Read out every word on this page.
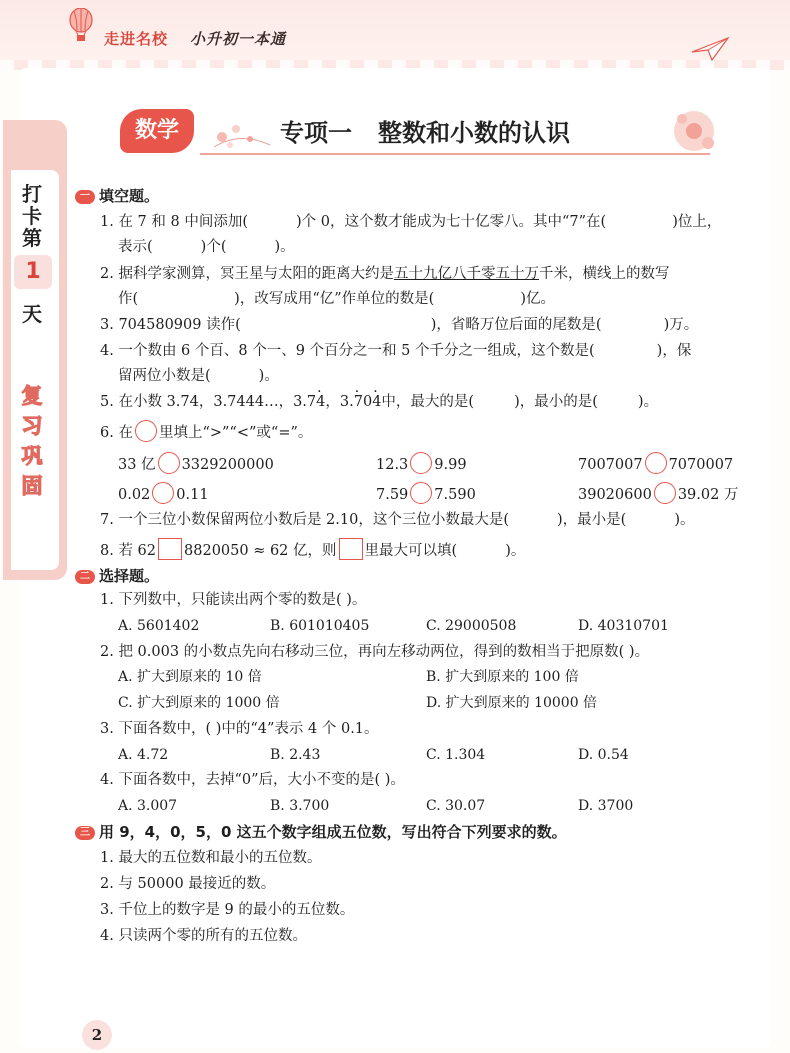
走进名校 小升初一本通
打
卡
第
1
天
复
习
巩
固
数学	专项一 整数和小数的认识
一 填空题。
1. 在 7 和 8 中间添加(	)个 0，这个数才能成为七十亿零八。其中“7”在(	)位上，
表示(	)个(	)。
2. 据科学家测算，冥王星与太阳的距离大约是五十九亿八千零五十万千米，横线上的数写
作(	)，改写成用“亿”作单位的数是(	)亿。
3. 704580909 读作(	)，省略万位后面的尾数是(	)万。
4. 一个数由 6 个百、8 个一、9 个百分之一和 5 个千分之一组成，这个数是(	)，保
留两位小数是(	)。
5. 在小数 3.74，3.7444…，3.7· 4，3.· 70· 4中，最大的是(	)，最小的是(	)。
6. 在 里填上“>”“<”或“=”。
33 亿 3329200000	12.3 9.99	7007007 7070007
0.02 0.11	7.59 7.590	39020600 39.02 万
7. 一个三位小数保留两位小数后是 2.10，这个三位小数最大是(	)，最小是(	)。
8. 若 62 8820050 ≈ 62 亿，则 里最大可以填(	)。
二 选择题。
1. 下列数中，只能读出两个零的数是( )。
A. 5601402	B. 601010405	C. 29000508	D. 40310701
2. 把 0.003 的小数点先向右移动三位，再向左移动两位，得到的数相当于把原数( )。
A. 扩大到原来的 10 倍	B. 扩大到原来的 100 倍
C. 扩大到原来的 1000 倍	D. 扩大到原来的 10000 倍
3. 下面各数中，( )中的“4”表示 4 个 0.1。
A. 4.72	B. 2.43	C. 1.304	D. 0.54
4. 下面各数中，去掉“0”后，大小不变的是( )。
A. 3.007	B. 3.700	C. 30.07	D. 3700
三 用 9，4，0，5，0 这五个数字组成五位数，写出符合下列要求的数。
1. 最大的五位数和最小的五位数。
2. 与 50000 最接近的数。
3. 千位上的数字是 9 的最小的五位数。
4. 只读两个零的所有的五位数。
2
